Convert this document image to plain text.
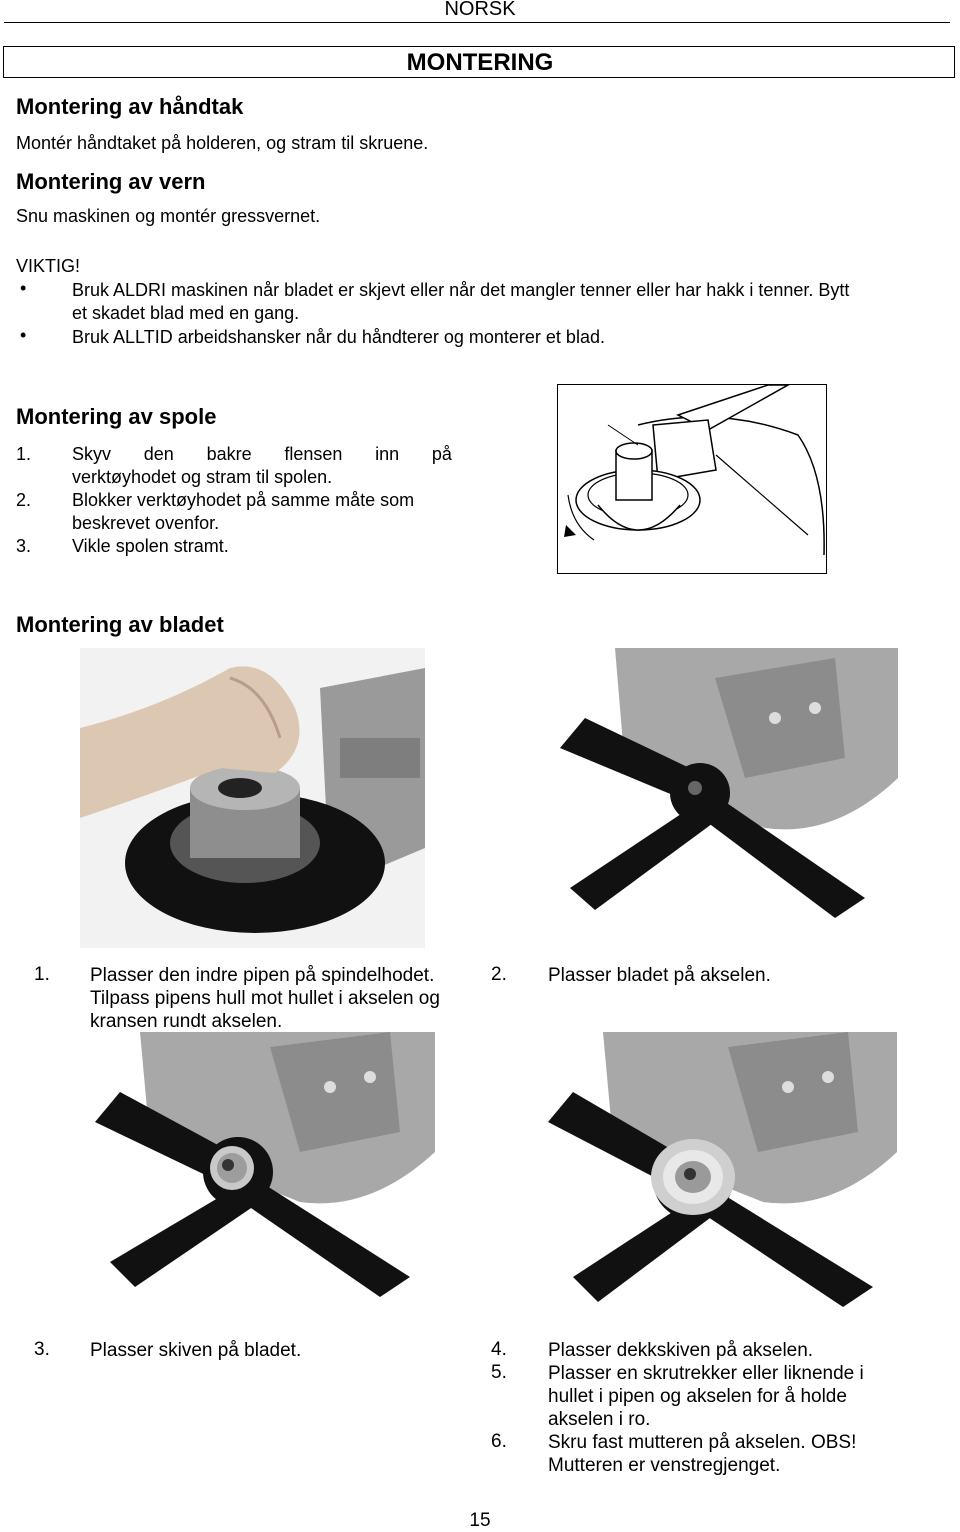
NORSK
MONTERING
Montering av håndtak

Montér håndtaket på holderen, og stram til skruene.

Montering av vern

Snu maskinen og montér gressvernet.

VIKTIG!

•	Bruk ALDRI maskinen når bladet er skjevt eller når det mangler tenner eller har hakk i tenner. Bytt
et skadet blad med en gang.
•	Bruk ALLTID arbeidshansker når du håndterer og monterer et blad.
Montering av spole
1. Skyv den bakre flensen inn på
verktøyhodet og stram til spolen.
2. Blokker verktøyhodet på samme måte som
beskrevet ovenfor.
3. Vikle spolen stramt.
Montering av bladet
1. Plasser den indre pipen på spindelhodet.
Tilpass pipens hull mot hullet i akselen og
kransen rundt akselen.
2. Plasser bladet på akselen.
3. Plasser skiven på bladet.	4. Plasser dekkskiven på akselen.
5. Plasser en skrutrekker eller liknende i
hullet i pipen og akselen for å holde
akselen i ro.
6. Skru fast mutteren på akselen. OBS!
Mutteren er venstregjenget.
15
